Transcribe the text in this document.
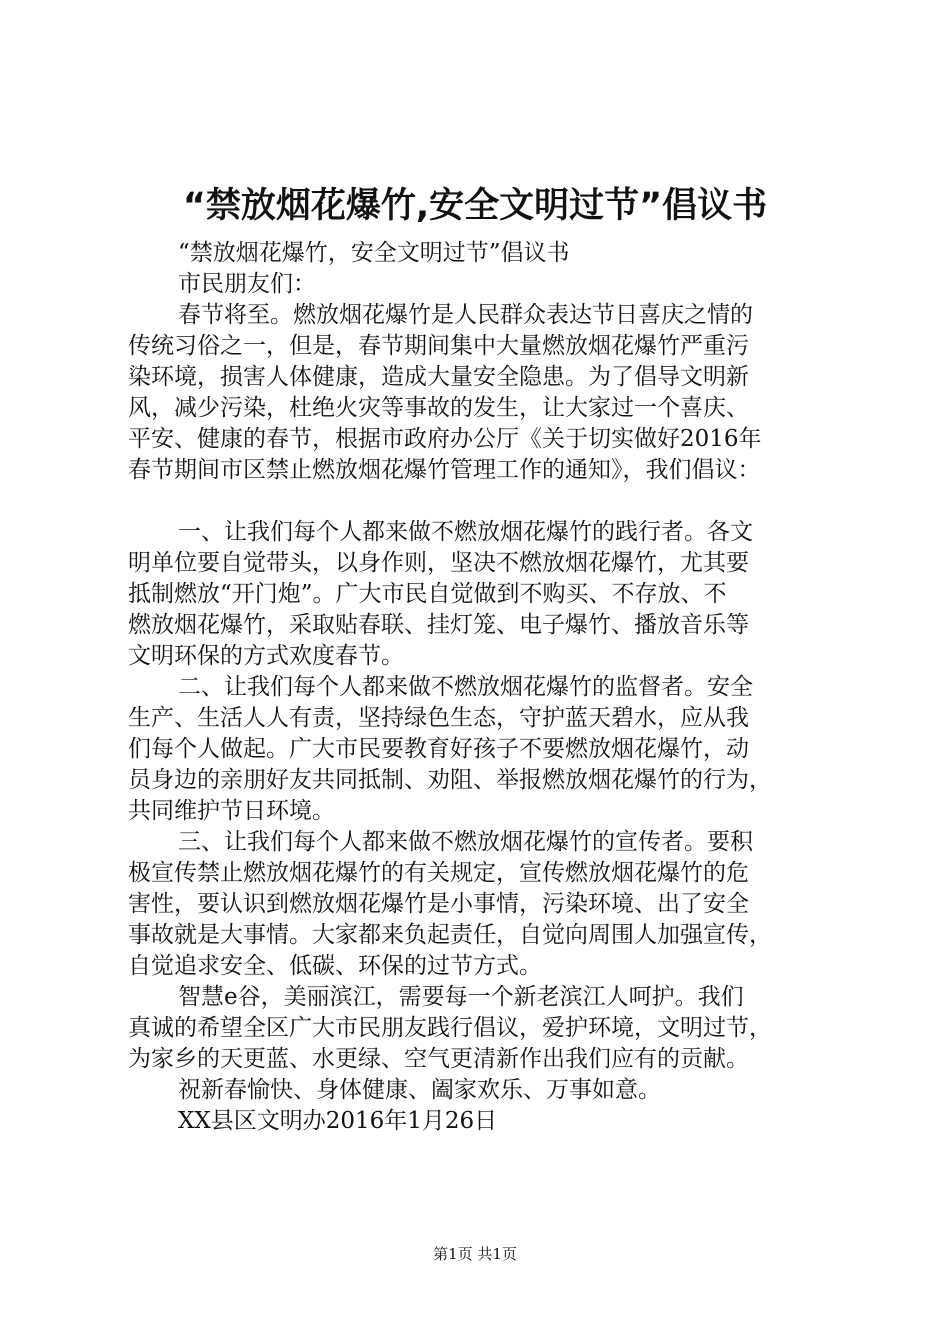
“禁放烟花爆竹,安全文明过节”倡议书
“禁放烟花爆竹，安全文明过节”倡议书
市民朋友们：
春节将至。燃放烟花爆竹是人民群众表达节日喜庆之情的
传统习俗之一，但是，春节期间集中大量燃放烟花爆竹严重污
染环境，损害人体健康，造成大量安全隐患。为了倡导文明新
风，减少污染，杜绝火灾等事故的发生，让大家过一个喜庆、
平安、健康的春节，根据市政府办公厅《关于切实做好2016年
春节期间市区禁止燃放烟花爆竹管理工作的通知》，我们倡议：
一、让我们每个人都来做不燃放烟花爆竹的践行者。各文
明单位要自觉带头，以身作则，坚决不燃放烟花爆竹，尤其要
抵制燃放“开门炮”。广大市民自觉做到不购买、不存放、不
燃放烟花爆竹，采取贴春联、挂灯笼、电子爆竹、播放音乐等
文明环保的方式欢度春节。
二、让我们每个人都来做不燃放烟花爆竹的监督者。安全
生产、生活人人有责，坚持绿色生态，守护蓝天碧水，应从我
们每个人做起。广大市民要教育好孩子不要燃放烟花爆竹，动
员身边的亲朋好友共同抵制、劝阻、举报燃放烟花爆竹的行为，
共同维护节日环境。
三、让我们每个人都来做不燃放烟花爆竹的宣传者。要积
极宣传禁止燃放烟花爆竹的有关规定，宣传燃放烟花爆竹的危
害性，要认识到燃放烟花爆竹是小事情，污染环境、出了安全
事故就是大事情。大家都来负起责任，自觉向周围人加强宣传，
自觉追求安全、低碳、环保的过节方式。
智慧e谷，美丽滨江，需要每一个新老滨江人呵护。我们
真诚的希望全区广大市民朋友践行倡议，爱护环境，文明过节，
为家乡的天更蓝、水更绿、空气更清新作出我们应有的贡献。
祝新春愉快、身体健康、阖家欢乐、万事如意。
XX县区文明办2016年1月26日
第1页 共1页
